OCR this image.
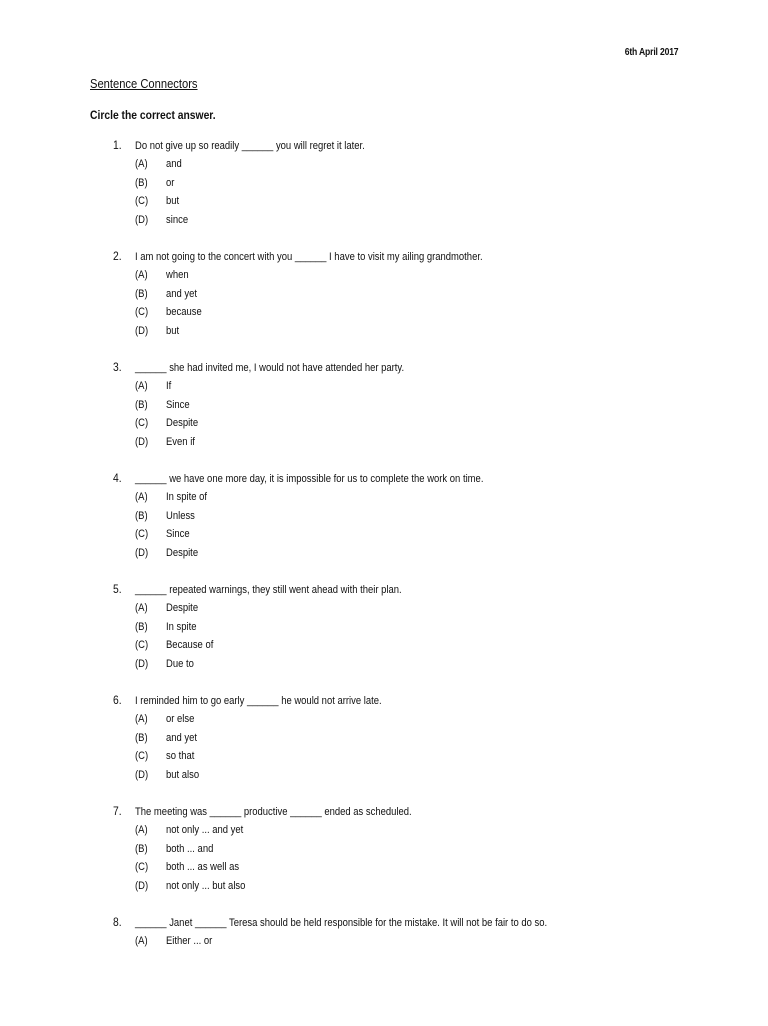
6th April 2017
Sentence Connectors
Circle the correct answer.
1. Do not give up so readily ______ you will regret it later.
(A) and
(B) or
(C) but
(D) since
2. I am not going to the concert with you ______ I have to visit my ailing grandmother.
(A) when
(B) and yet
(C) because
(D) but
3. ______ she had invited me, I would not have attended her party.
(A) If
(B) Since
(C) Despite
(D) Even if
4. ______ we have one more day, it is impossible for us to complete the work on time.
(A) In spite of
(B) Unless
(C) Since
(D) Despite
5. ______ repeated warnings, they still went ahead with their plan.
(A) Despite
(B) In spite
(C) Because of
(D) Due to
6. I reminded him to go early ______ he would not arrive late.
(A) or else
(B) and yet
(C) so that
(D) but also
7. The meeting was ______ productive ______ ended as scheduled.
(A) not only ... and yet
(B) both ... and
(C) both ... as well as
(D) not only ... but also
8. ______ Janet ______ Teresa should be held responsible for the mistake. It will not be fair to do so.
(A) Either ... or
